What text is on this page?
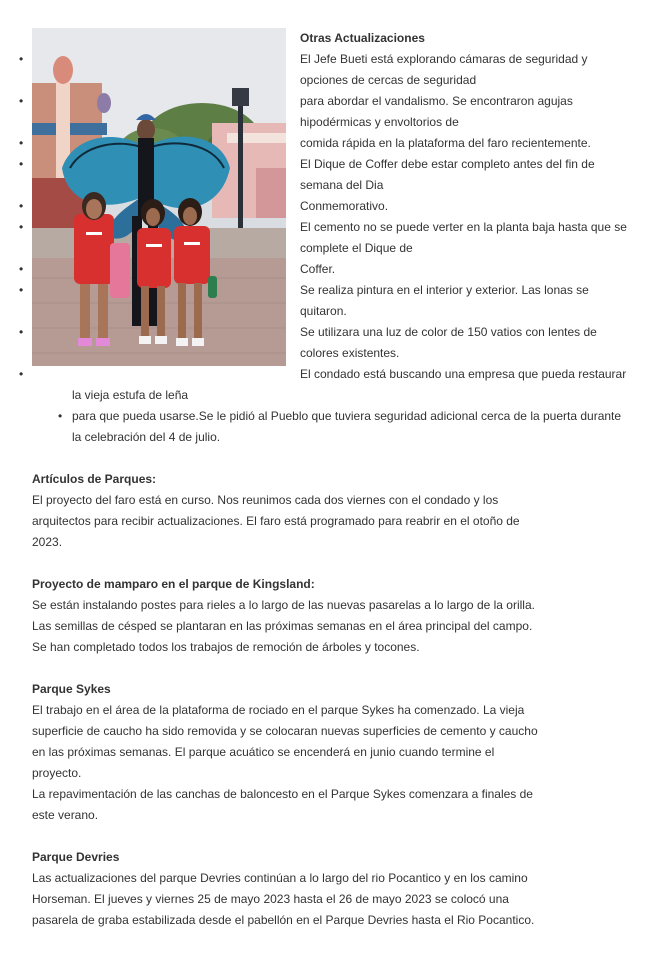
Otras Actualizaciones
•	El Jefe Bueti está explorando cámaras de seguridad y
opciones de cercas de seguridad
•	para abordar el vandalismo. Se encontraron agujas
hipodérmicas y envoltorios de
•	comida rápida en la plataforma del faro recientemente.
•	El Dique de Coffer debe estar completo antes del fin de
semana del Dia
•	Conmemorativo.
•	El cemento no se puede verter en la planta baja hasta que se
complete el Dique de
•	Coffer.
•	Se realiza pintura en el interior y exterior. Las lonas se
quitaron.
•	Se utilizara una luz de color de 150 vatios con lentes de
colores existentes.
•	El condado está buscando una empresa que pueda restaurar

la vieja estufa de leña

• para que pueda usarse.Se le pidió al Pueblo que tuviera seguridad adicional cerca de la puerta durante
la celebración del 4 de julio.
Artículos de Parques:

El proyecto del faro está en curso. Nos reunimos cada dos viernes con el condado y los

arquitectos para recibir actualizaciones. El faro está programado para reabrir en el otoño de

2023.

Proyecto de mamparo en el parque de Kingsland:

Se están instalando postes para rieles a lo largo de las nuevas pasarelas a lo largo de la orilla.

Las semillas de césped se plantaran en las próximas semanas en el área principal del campo.

Se han completado todos los trabajos de remoción de árboles y tocones.

Parque Sykes

El trabajo en el área de la plataforma de rociado en el parque Sykes ha comenzado. La vieja

superficie de caucho ha sido removida y se colocaran nuevas superficies de cemento y caucho

en las próximas semanas. El parque acuático se encenderá en junio cuando termine el

proyecto.

La repavimentación de las canchas de baloncesto en el Parque Sykes comenzara a finales de

este verano.

Parque Devries

Las actualizaciones del parque Devries continúan a lo largo del rio Pocantico y en los camino

Horseman. El jueves y viernes 25 de mayo 2023 hasta el 26 de mayo 2023 se colocó una

pasarela de graba estabilizada desde el pabellón en el Parque Devries hasta el Rio Pocantico.
